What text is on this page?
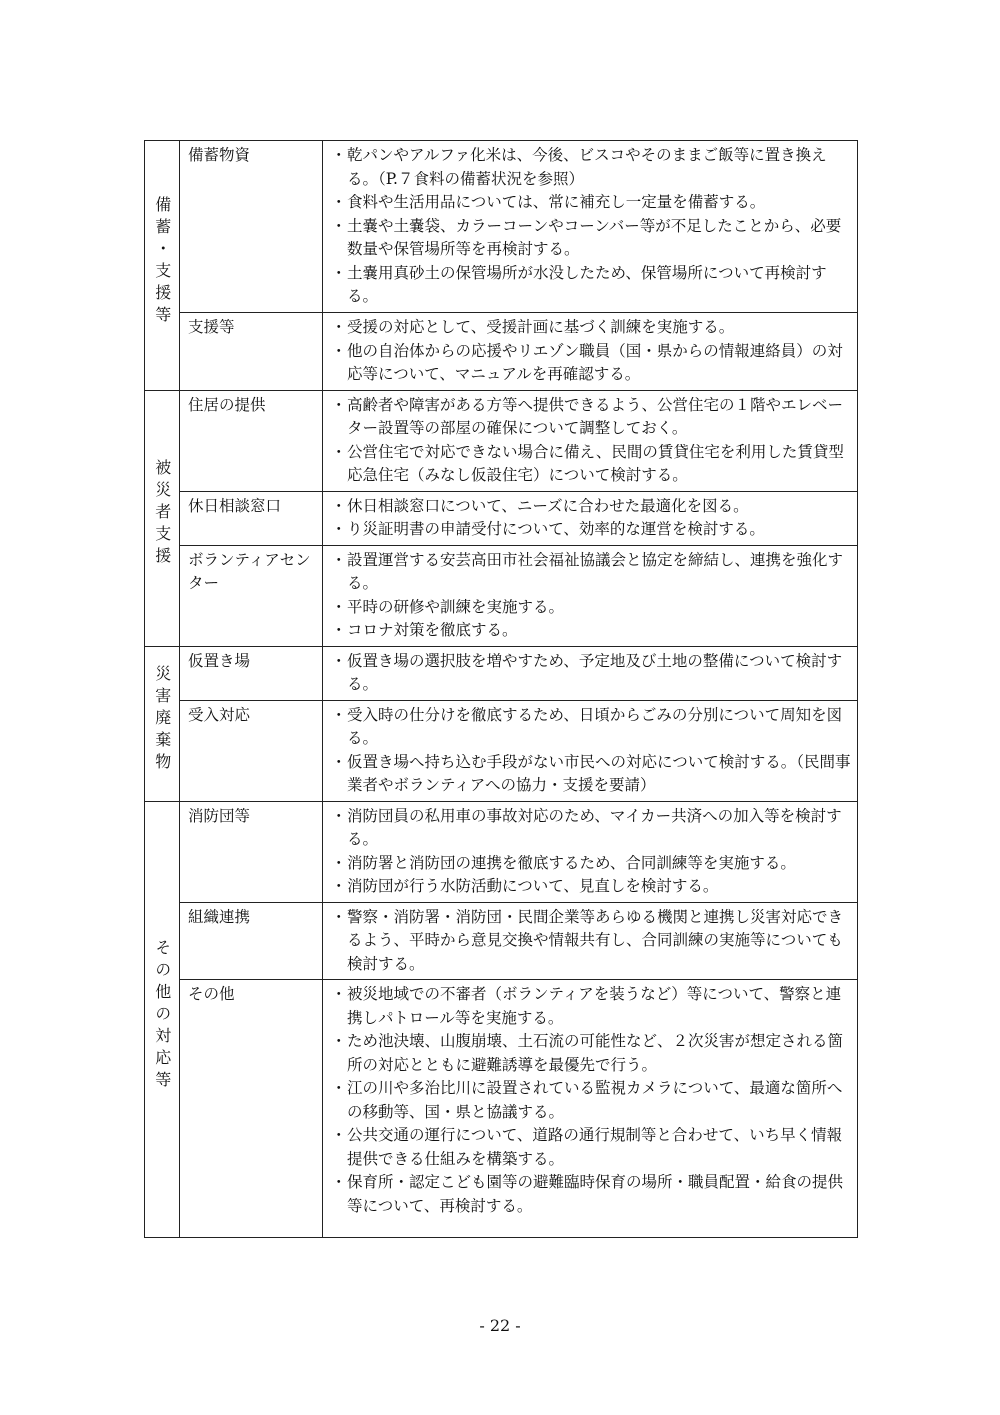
備蓄・支援等	備蓄物資	・ 乾パンやアルファ化米は、今後、ビスコやそのままご飯等に置き換える。（P.７食料の備蓄状況を参照）
・ 食料や生活用品については、常に補充し一定量を備蓄する。
・ 土嚢や土嚢袋、カラーコーンやコーンバー等が不足したことから、必要数量や保管場所等を再検討する。
・ 土嚢用真砂土の保管場所が水没したため、保管場所について再検討する。

	支援等	・ 受援の対応として、受援計画に基づく訓練を実施する。
・ 他の自治体からの応援やリエゾン職員（国・県からの情報連絡員）の対応等について、マニュアルを再確認する。

被災者支援	住居の提供	・ 高齢者や障害がある方等へ提供できるよう、公営住宅の１階やエレベーター設置等の部屋の確保について調整しておく。
・ 公営住宅で対応できない場合に備え、民間の賃貸住宅を利用した賃貸型応急住宅（みなし仮設住宅）について検討する。

	休日相談窓口	・ 休日相談窓口について、ニーズに合わせた最適化を図る。
・ り災証明書の申請受付について、効率的な運営を検討する。

	ボランティアセンター	・ 設置運営する安芸高田市社会福祉協議会と協定を締結し、連携を強化する。
・ 平時の研修や訓練を実施する。
・ コロナ対策を徹底する。

災害廃棄物	仮置き場	・ 仮置き場の選択肢を増やすため、予定地及び土地の整備について検討する。

	受入対応	・ 受入時の仕分けを徹底するため、日頃からごみの分別について周知を図る。
・ 仮置き場へ持ち込む手段がない市民への対応について検討する。（民間事業者やボランティアへの協力・支援を要請）

その他の対応等	消防団等	・ 消防団員の私用車の事故対応のため、マイカー共済への加入等を検討する。
・ 消防署と消防団の連携を徹底するため、合同訓練等を実施する。
・ 消防団が行う水防活動について、見直しを検討する。

	組織連携	・ 警察・消防署・消防団・民間企業等あらゆる機関と連携し災害対応できるよう、平時から意見交換や情報共有し、合同訓練の実施等についても検討する。

	その他	・ 被災地域での不審者（ボランティアを装うなど）等について、警察と連携しパトロール等を実施する。
・ ため池決壊、山腹崩壊、土石流の可能性など、２次災害が想定される箇所の対応とともに避難誘導を最優先で行う。
・ 江の川や多治比川に設置されている監視カメラについて、最適な箇所への移動等、国・県と協議する。
・ 公共交通の運行について、道路の通行規制等と合わせて、いち早く情報提供できる仕組みを構築する。
・ 保育所・認定こども園等の避難臨時保育の場所・職員配置・給食の提供等について、再検討する。
- 22 -
